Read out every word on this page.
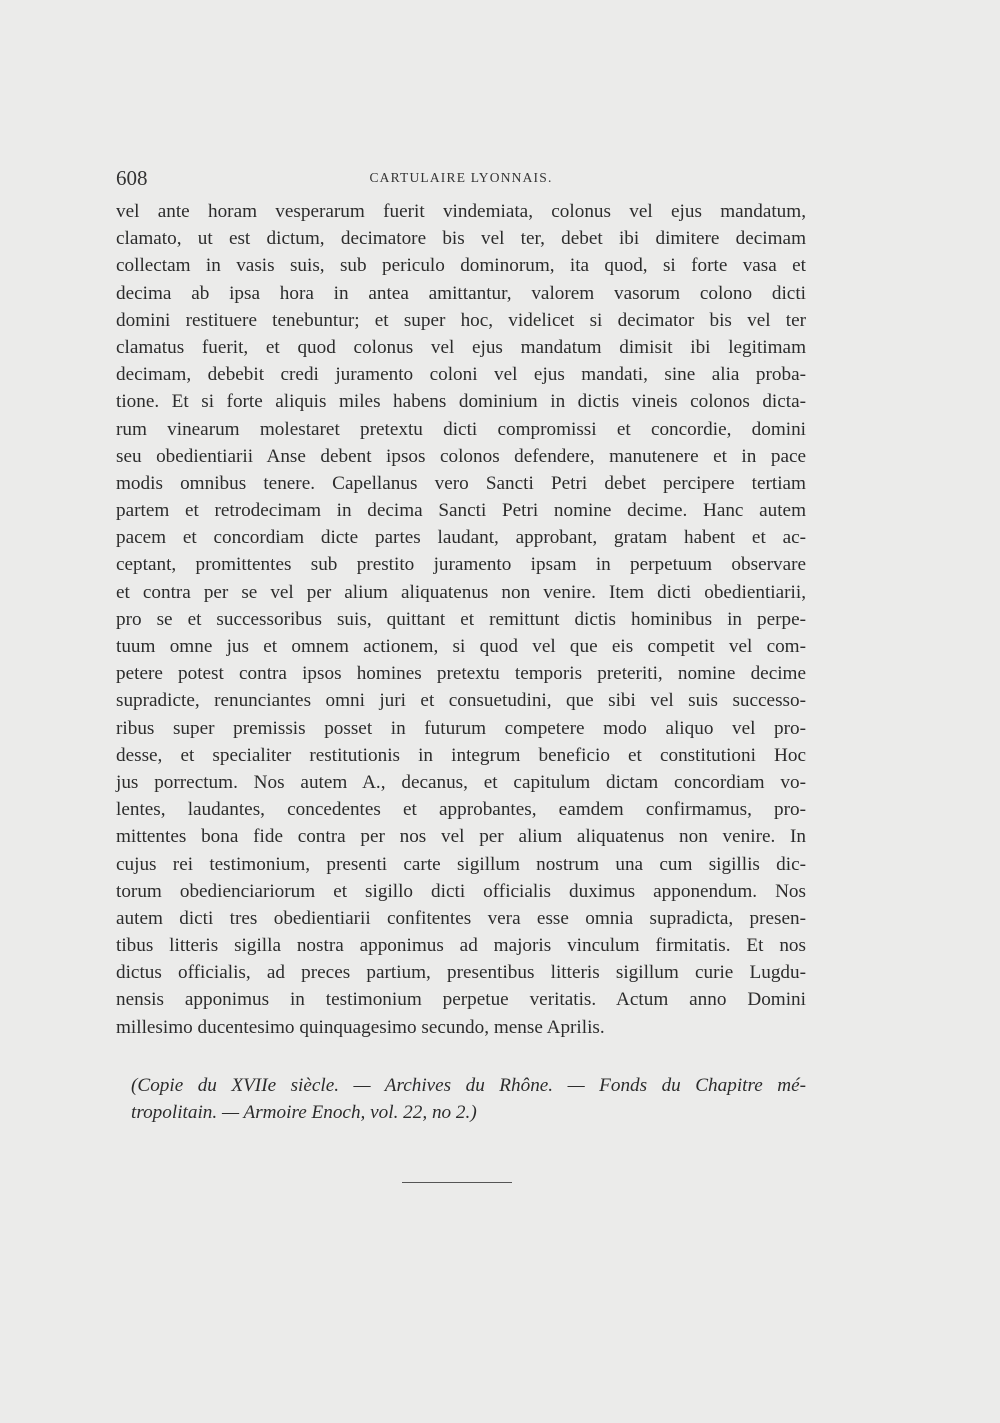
608	CARTULAIRE LYONNAIS.
vel ante horam vesperarum fuerit vindemiata, colonus vel ejus mandatum,
clamato, ut est dictum, decimatore bis vel ter, debet ibi dimitere decimam
collectam in vasis suis, sub periculo dominorum, ita quod, si forte vasa et
decima ab ipsa hora in antea amittantur, valorem vasorum colono dicti
domini restituere tenebuntur; et super hoc, videlicet si decimator bis vel ter
clamatus fuerit, et quod colonus vel ejus mandatum dimisit ibi legitimam
decimam, debebit credi juramento coloni vel ejus mandati, sine alia proba-
tione. Et si forte aliquis miles habens dominium in dictis vineis colonos dicta-
rum vinearum molestaret pretextu dicti compromissi et concordie, domini
seu obedientiarii Anse debent ipsos colonos defendere, manutenere et in pace
modis omnibus tenere. Capellanus vero Sancti Petri debet percipere tertiam
partem et retrodecimam in decima Sancti Petri nomine decime. Hanc autem
pacem et concordiam dicte partes laudant, approbant, gratam habent et ac-
ceptant, promittentes sub prestito juramento ipsam in perpetuum observare
et contra per se vel per alium aliquatenus non venire. Item dicti obedientiarii,
pro se et successoribus suis, quittant et remittunt dictis hominibus in perpe-
tuum omne jus et omnem actionem, si quod vel que eis competit vel com-
petere potest contra ipsos homines pretextu temporis preteriti, nomine decime
supradicte, renunciantes omni juri et consuetudini, que sibi vel suis successo-
ribus super premissis posset in futurum competere modo aliquo vel pro-
desse, et specialiter restitutionis in integrum beneficio et constitutioni Hoc
jus porrectum. Nos autem A., decanus, et capitulum dictam concordiam vo-
lentes, laudantes, concedentes et approbantes, eamdem confirmamus, pro-
mittentes bona fide contra per nos vel per alium aliquatenus non venire. In
cujus rei testimonium, presenti carte sigillum nostrum una cum sigillis dic-
torum obedienciariorum et sigillo dicti officialis duximus apponendum. Nos
autem dicti tres obedientiarii confitentes vera esse omnia supradicta, presen-
tibus litteris sigilla nostra apponimus ad majoris vinculum firmitatis. Et nos
dictus officialis, ad preces partium, presentibus litteris sigillum curie Lugdu-
nensis apponimus in testimonium perpetue veritatis. Actum anno Domini
millesimo ducentesimo quinquagesimo secundo, mense Aprilis.
(Copie du XVIIe siècle. — Archives du Rhône. — Fonds du Chapitre mé-
tropolitain. — Armoire Enoch, vol. 22, no 2.)
